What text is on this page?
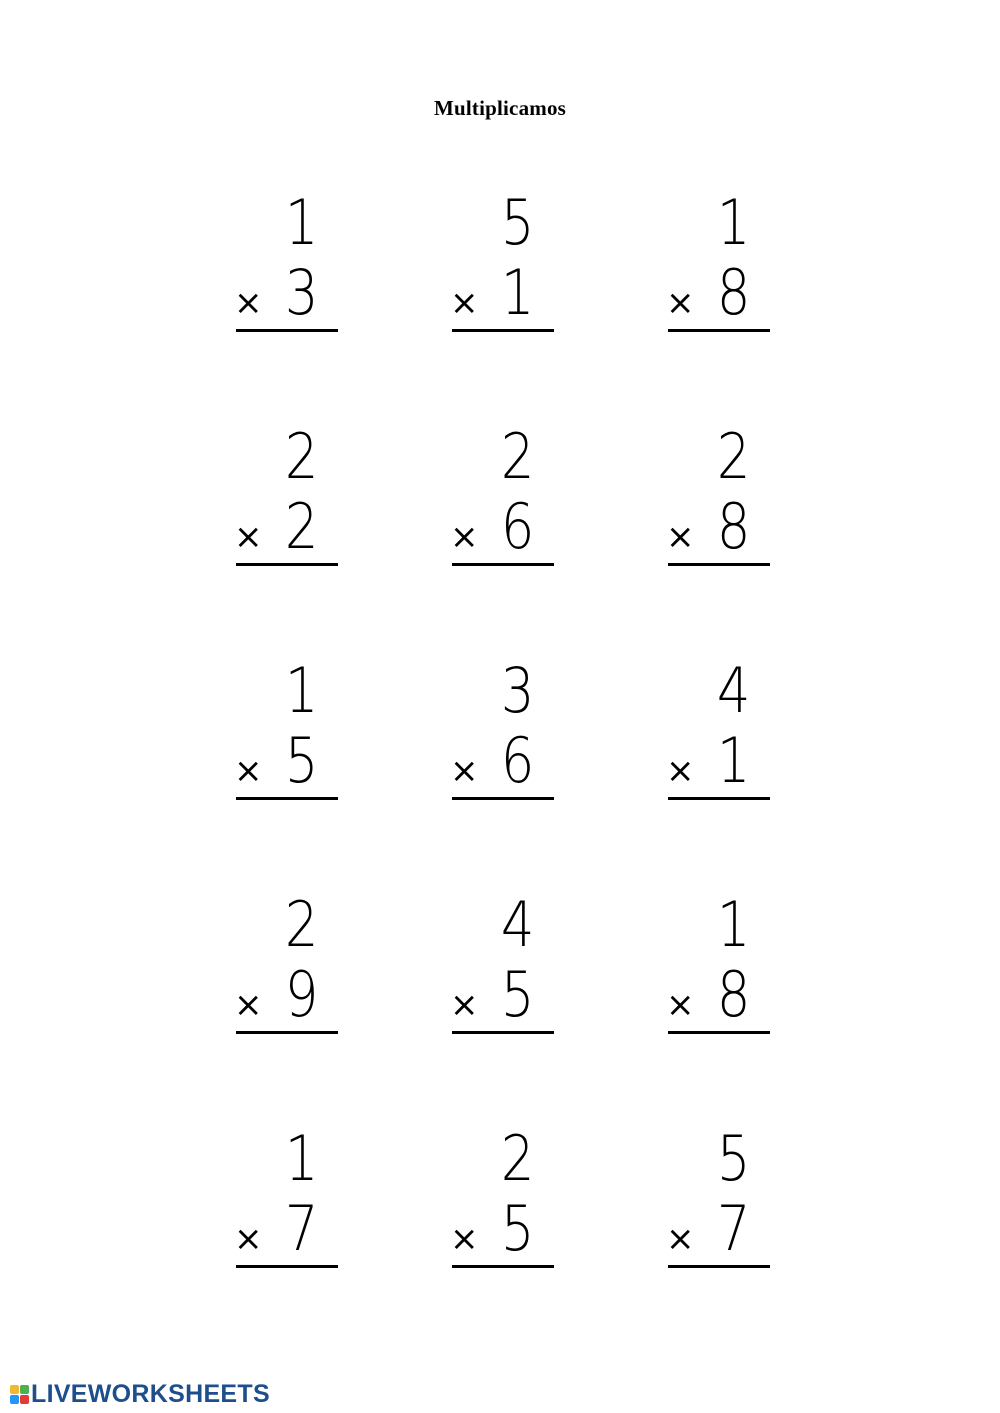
Multiplicamos
1
× 3
5
× 1
1
× 8
2
× 2
2
× 6
2
× 8
1
× 5
3
× 6
4
× 1
2
× 9
4
× 5
1
× 8
1
× 7
2
× 5
5
× 7
LIVEWORKSHEETS
